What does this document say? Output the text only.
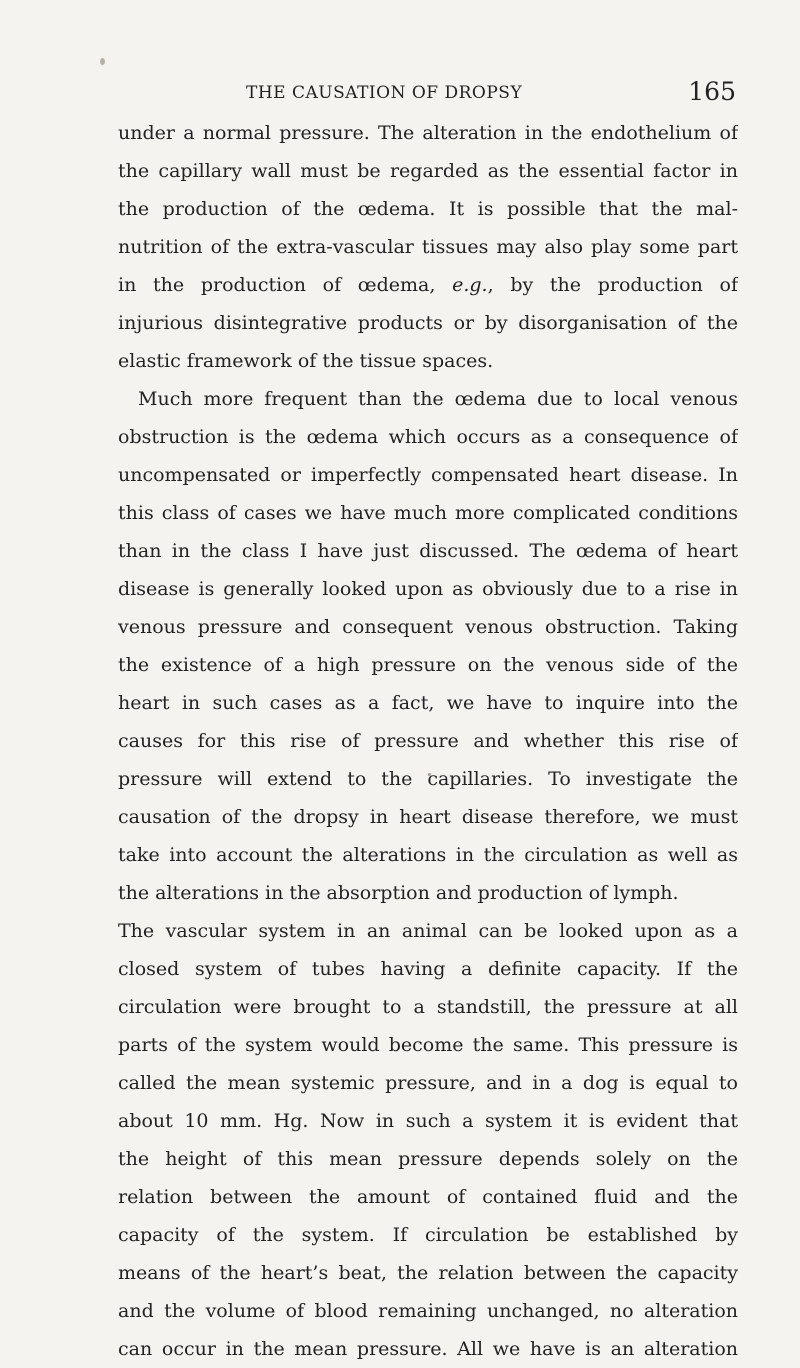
THE CAUSATION OF DROPSY	165
under a normal pressure. The alteration in the endothelium of
the capillary wall must be regarded as the essential factor in
the production of the œdema. It is possible that the mal-
nutrition of the extra-vascular tissues may also play some part
in the production of œdema, e.g., by the production of
injurious disintegrative products or by disorganisation of the
elastic framework of the tissue spaces.
Much more frequent than the œdema due to local venous
obstruction is the œdema which occurs as a consequence of
uncompensated or imperfectly compensated heart disease. In
this class of cases we have much more complicated conditions
than in the class I have just discussed. The œdema of heart
disease is generally looked upon as obviously due to a rise in
venous pressure and consequent venous obstruction. Taking
the existence of a high pressure on the venous side of the
heart in such cases as a fact, we have to inquire into the
causes for this rise of pressure and whether this rise of
pressure will extend to the capillaries. To investigate the
causation of the dropsy in heart disease therefore, we must
take into account the alterations in the circulation as well as
the alterations in the absorption and production of lymph.
The vascular system in an animal can be looked upon as a
closed system of tubes having a definite capacity. If the
circulation were brought to a standstill, the pressure at all
parts of the system would become the same. This pressure is
called the mean systemic pressure, and in a dog is equal to
about 10 mm. Hg. Now in such a system it is evident that
the height of this mean pressure depends solely on the
relation between the amount of contained fluid and the
capacity of the system. If circulation be established by
means of the heart’s beat, the relation between the capacity
and the volume of blood remaining unchanged, no alteration
can occur in the mean pressure. All we have is an alteration
